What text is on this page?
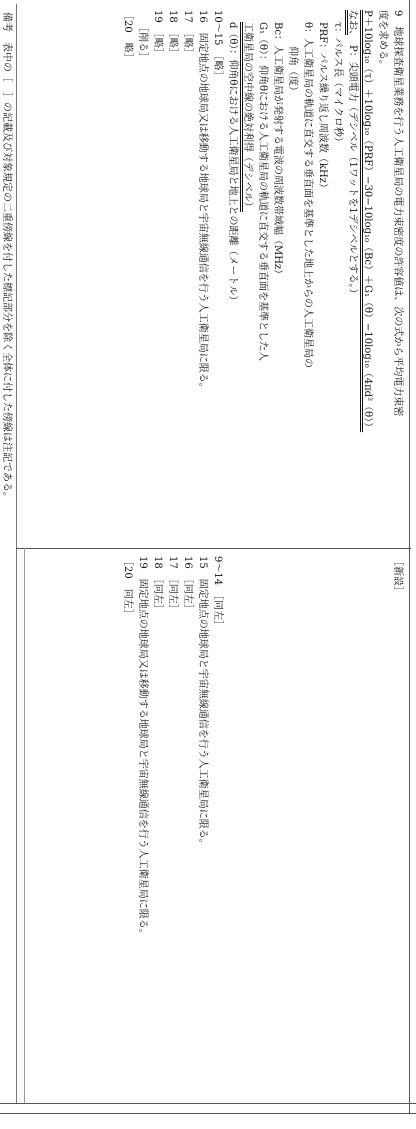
9　地球探査衛星業務を行う人工衛星局の電力束密度の許容値は、次の式から平均電力束密
度を求める。
P＋10log₁₀（τ）＋10log₁₀（PRF）−30−10log₁₀（Bc）＋G₁（θ）−10log₁₀（4πd²（θ））
なお、　P：尖頭電力（デシベル（1ワットを1デシベルとする。）
τ：パルス長（マイクロ秒）
PRF：パルス繰り返し周波数（kHz）
θ：人工衛星局の軌道に直交する垂直面を基準とした地上からの人工衛星局の
仰角（度）
Bc：人工衛星局が発射する電波の周波数帯域幅（MHz）
G₁（θ）：仰角θにおける人工衛星局の軌道に直交する垂直面を基準とした人
工衛星局の空中線の絶対利得（デシベル）
d（θ）：仰角θにおける人工衛星局と地上との距離（メートル）
10〜15　［略］
16　固定地点の地球局又は移動する地球局と宇宙無線通信を行う人工衛星局に限る。
17　［略］
18　［略］
19　［略］
［削る］
［20　略］
［新設］
9〜14　［同左］
15　固定地点の地球局と宇宙無線通信を行う人工衛星局に限る。
16　［同左］
17　［同左］
18　［同左］
19　固定地点の地球局又は移動する地球局と宇宙無線通信を行う人工衛星局に限る。
［20　同左］
備考　表中の［　］の記載及び対象規定の二重傍線を付した標記部分を除く全体に付した傍線は注記である。
